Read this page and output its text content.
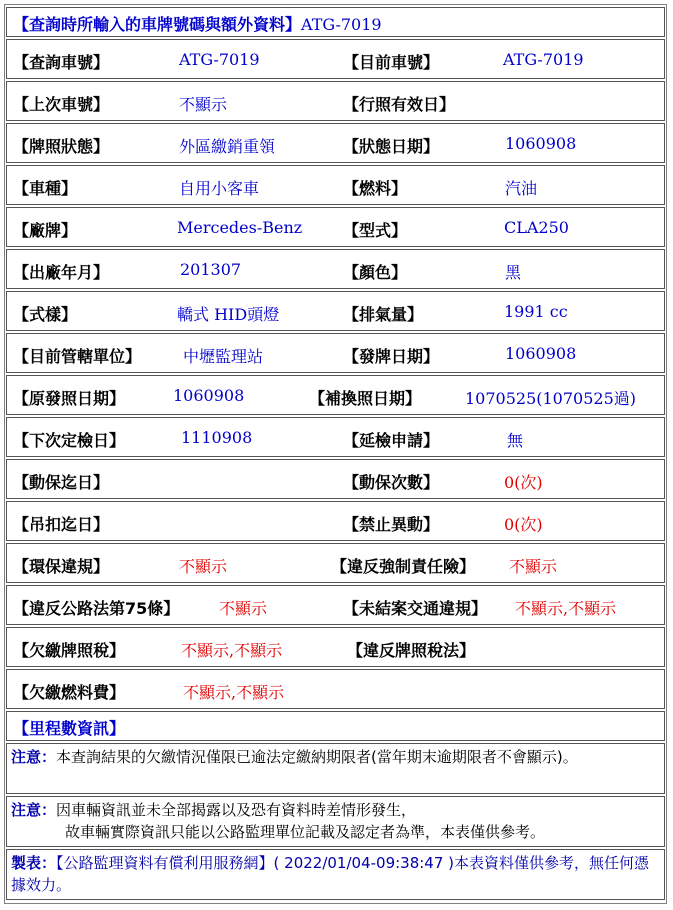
【查詢時所輸入的車牌號碼與額外資料】ATG-7019
【查詢車號】	ATG-7019	【目前車號】	ATG-7019
【上次車號】	不顯示	【行照有效日】
【牌照狀態】	外區繳銷重領	【狀態日期】	1060908
【車種】	自用小客車	【燃料】	汽油
【廠牌】	Mercedes-Benz	【型式】	CLA250
【出廠年月】	201307	【顏色】	黑
【式樣】	轎式 HID頭燈	【排氣量】	1991 cc
【目前管轄單位】	中壢監理站	【發牌日期】	1060908
【原發照日期】	1060908	【補換照日期】	1070525(1070525過)
【下次定檢日】	1110908	【延檢申請】	無
【動保迄日】	【動保次數】	0(次)
【吊扣迄日】	【禁止異動】	0(次)
【環保違規】	不顯示	【違反強制責任險】 不顯示
【違反公路法第75條】 不顯示	【未結案交通違規】 不顯示,不顯示
【欠繳牌照稅】	不顯示,不顯示	【違反牌照稅法】
【欠繳燃料費】	不顯示,不顯示
【里程數資訊】
注意：本查詢結果的欠繳情況僅限已逾法定繳納期限者(當年期末逾期限者不會顯示)。
注意：因車輛資訊並未全部揭露以及恐有資料時差情形發生，
故車輛實際資訊只能以公路監理單位記載及認定者為準，本表僅供參考。
製表：【公路監理資料有償利用服務網】( 2022/01/04-09:38:47 )本表資料僅供參考，無任何憑據效力。
